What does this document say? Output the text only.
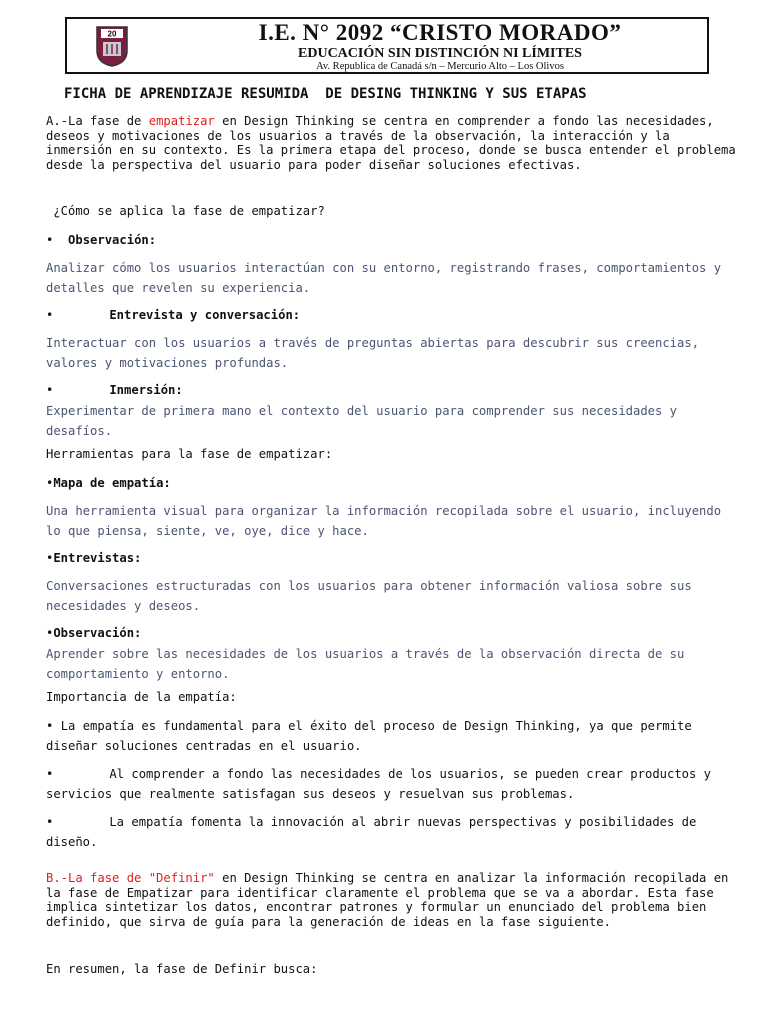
20	I.E. N° 2092 “CRISTO MORADO”
EDUCACIÓN SIN DISTINCIÓN NI LÍMITES
Av. Republica de Canadá s/n – Mercurio Alto – Los Olivos
FICHA DE APRENDIZAJE RESUMIDA  DE DESING THINKING Y SUS ETAPAS
A.-La fase de empatizar en Design Thinking se centra en comprender a fondo las necesidades, deseos y motivaciones de los usuarios a través de la observación, la interacción y la inmersión en su contexto. Es la primera etapa del proceso, donde se busca entender el problema desde la perspectiva del usuario para poder diseñar soluciones efectivas.
¿Cómo se aplica la fase de empatizar?
• Observación:
Analizar cómo los usuarios interactúan con su entorno, registrando frases, comportamientos y detalles que revelen su experiencia.
•	Entrevista y conversación:
Interactuar con los usuarios a través de preguntas abiertas para descubrir sus creencias, valores y motivaciones profundas.
•	Inmersión:
Experimentar de primera mano el contexto del usuario para comprender sus necesidades y desafíos.
Herramientas para la fase de empatizar:
•Mapa de empatía:
Una herramienta visual para organizar la información recopilada sobre el usuario, incluyendo lo que piensa, siente, ve, oye, dice y hace.
•Entrevistas:
Conversaciones estructuradas con los usuarios para obtener información valiosa sobre sus necesidades y deseos.
•Observación:
Aprender sobre las necesidades de los usuarios a través de la observación directa de su comportamiento y entorno.
Importancia de la empatía:
• La empatía es fundamental para el éxito del proceso de Design Thinking, ya que permite diseñar soluciones centradas en el usuario.
•	Al comprender a fondo las necesidades de los usuarios, se pueden crear productos y servicios que realmente satisfagan sus deseos y resuelvan sus problemas.
•	La empatía fomenta la innovación al abrir nuevas perspectivas y posibilidades de diseño.
B.-La fase de "Definir" en Design Thinking se centra en analizar la información recopilada en la fase de Empatizar para identificar claramente el problema que se va a abordar. Esta fase implica sintetizar los datos, encontrar patrones y formular un enunciado del problema bien definido, que sirva de guía para la generación de ideas en la fase siguiente.
En resumen, la fase de Definir busca:
